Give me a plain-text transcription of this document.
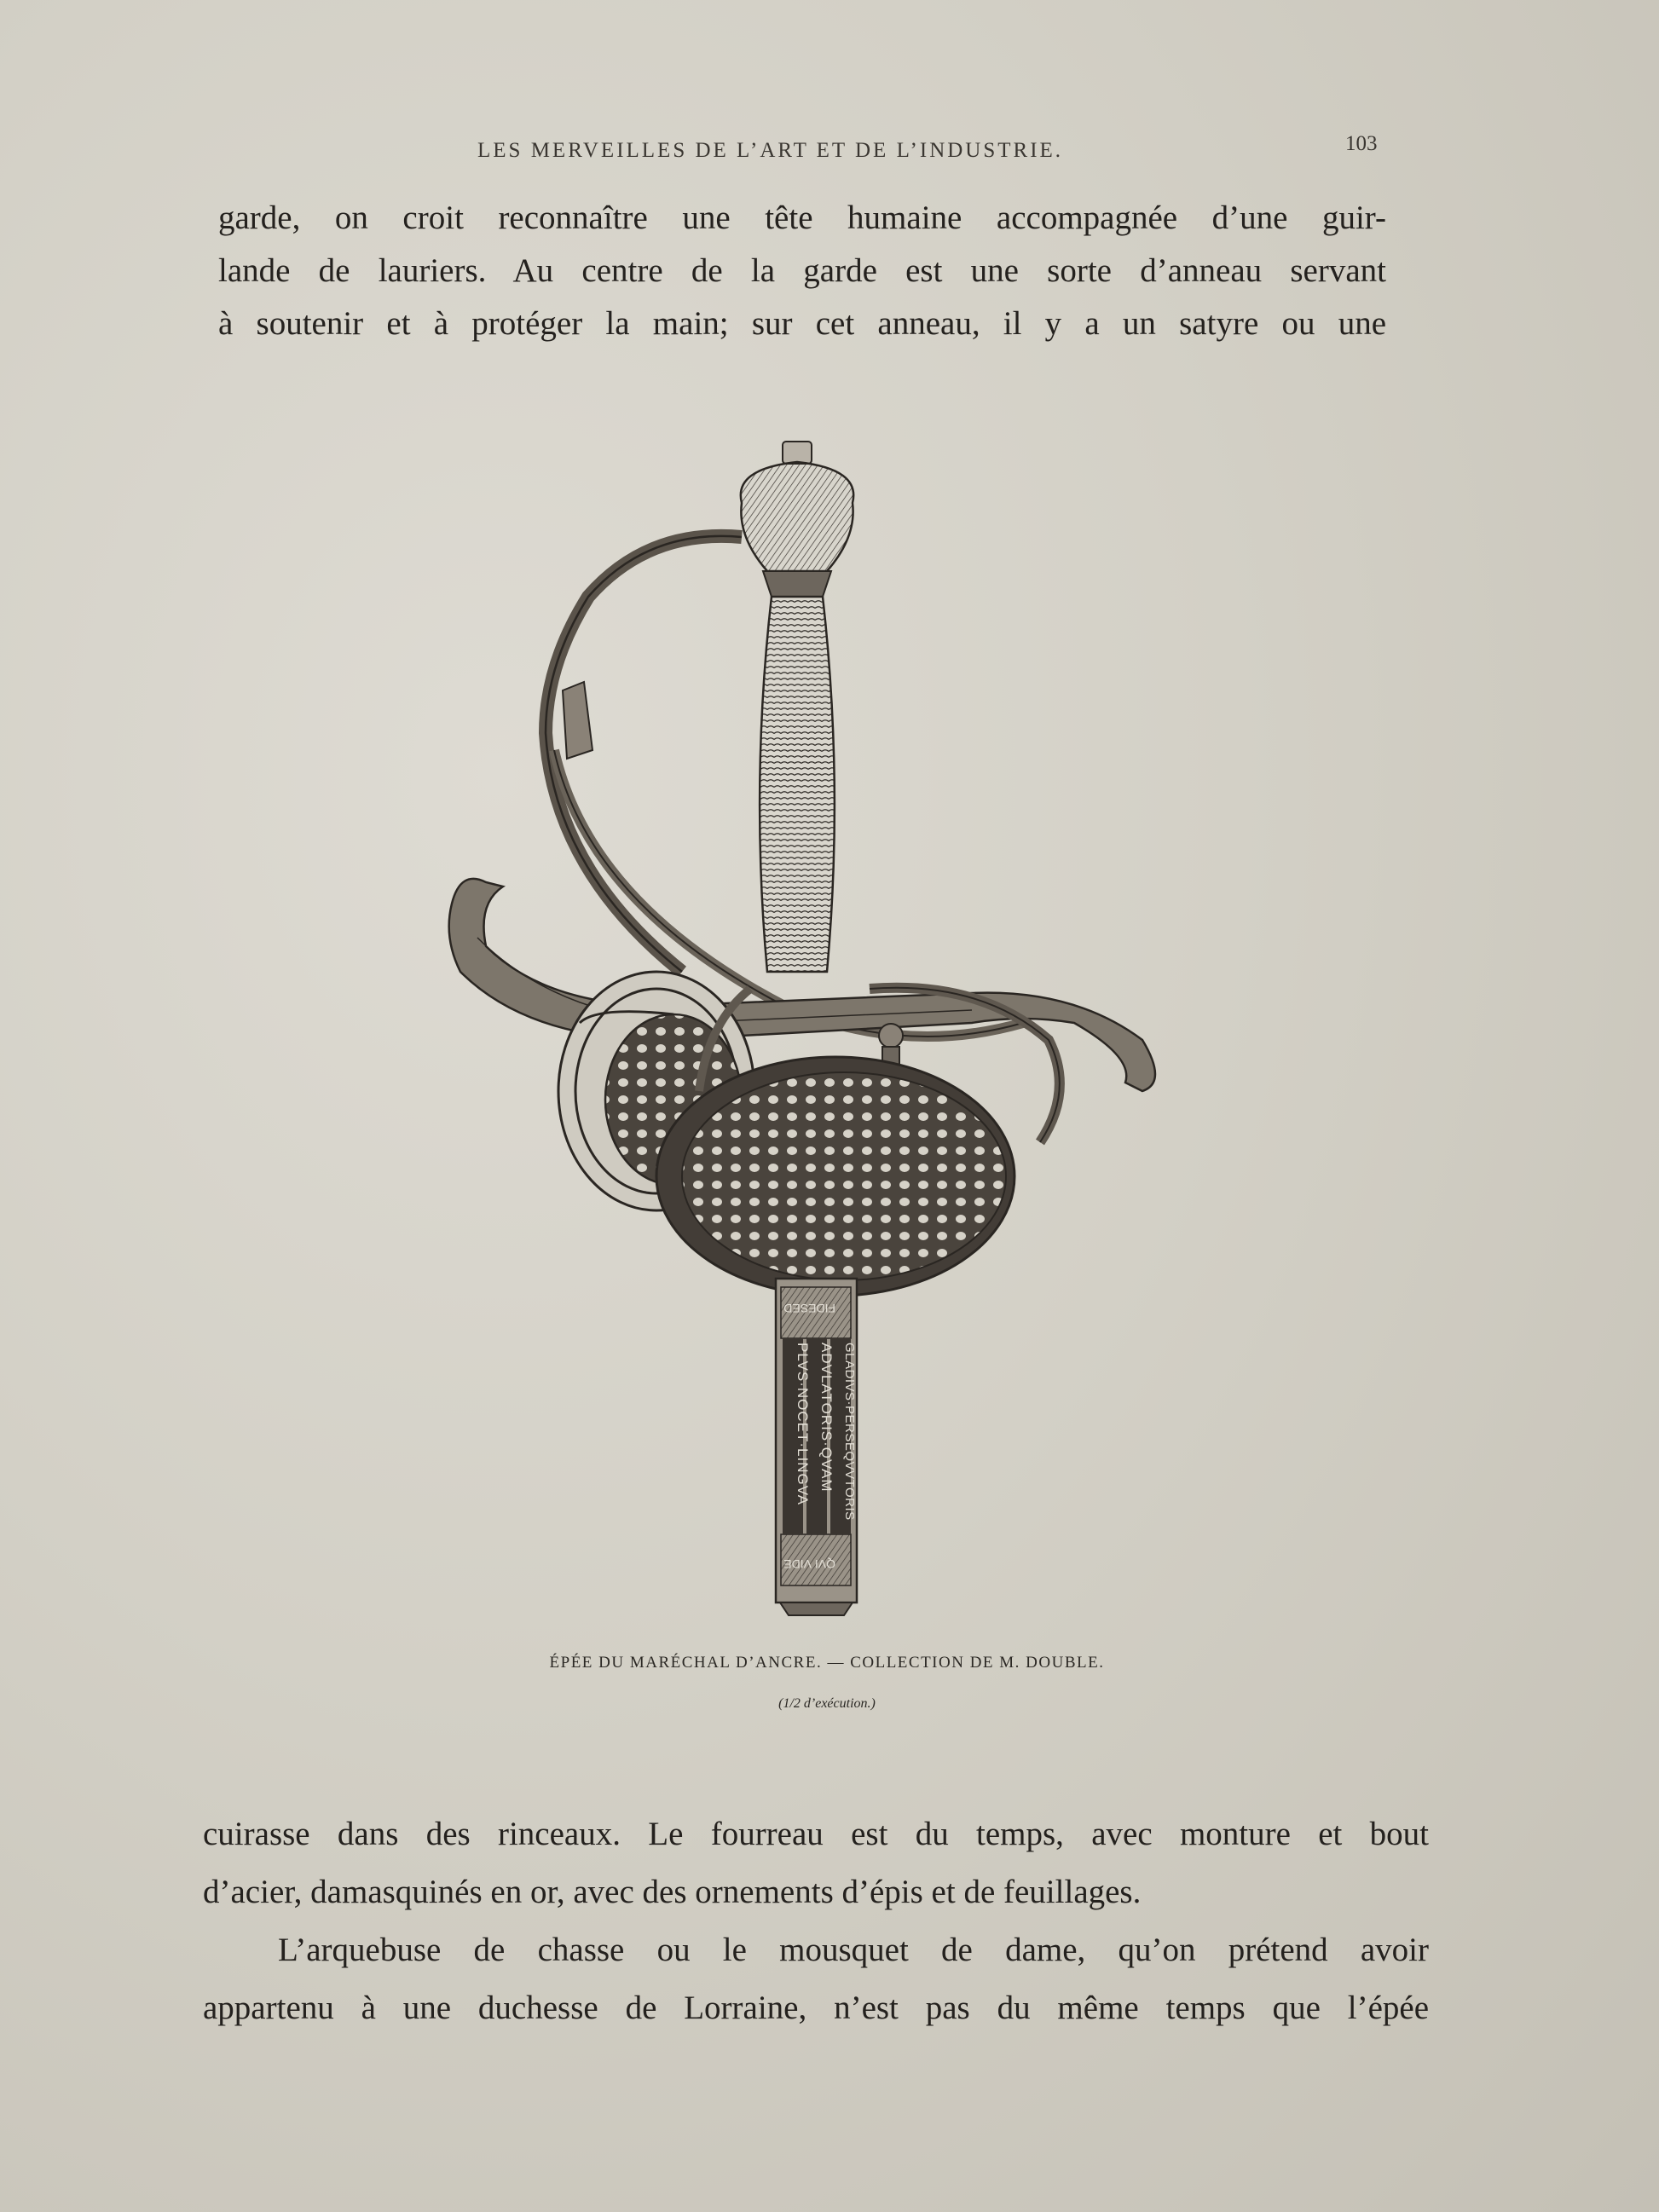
LES MERVEILLES DE L’ART ET DE L’INDUSTRIE.	103
garde, on croit reconnaître une tête humaine accompagnée d’une guir-
lande de lauriers. Au centre de la garde est une sorte d’anneau servant
à soutenir et à protéger la main; sur cet anneau, il y a un satyre ou une
PLVS·NOCET·LINGVA ADVLATORIS·QVAM GLADIVS·PERSEQVVTORIS
FIDESED
QVI VIDE
ÉPÉE DU MARÉCHAL D’ANCRE. — COLLECTION DE M. DOUBLE.
(1/2 d’exécution.)
cuirasse dans des rinceaux. Le fourreau est du temps, avec monture et bout
d’acier, damasquinés en or, avec des ornements d’épis et de feuillages.
L’arquebuse de chasse ou le mousquet de dame, qu’on prétend avoir
appartenu à une duchesse de Lorraine, n’est pas du même temps que l’épée
